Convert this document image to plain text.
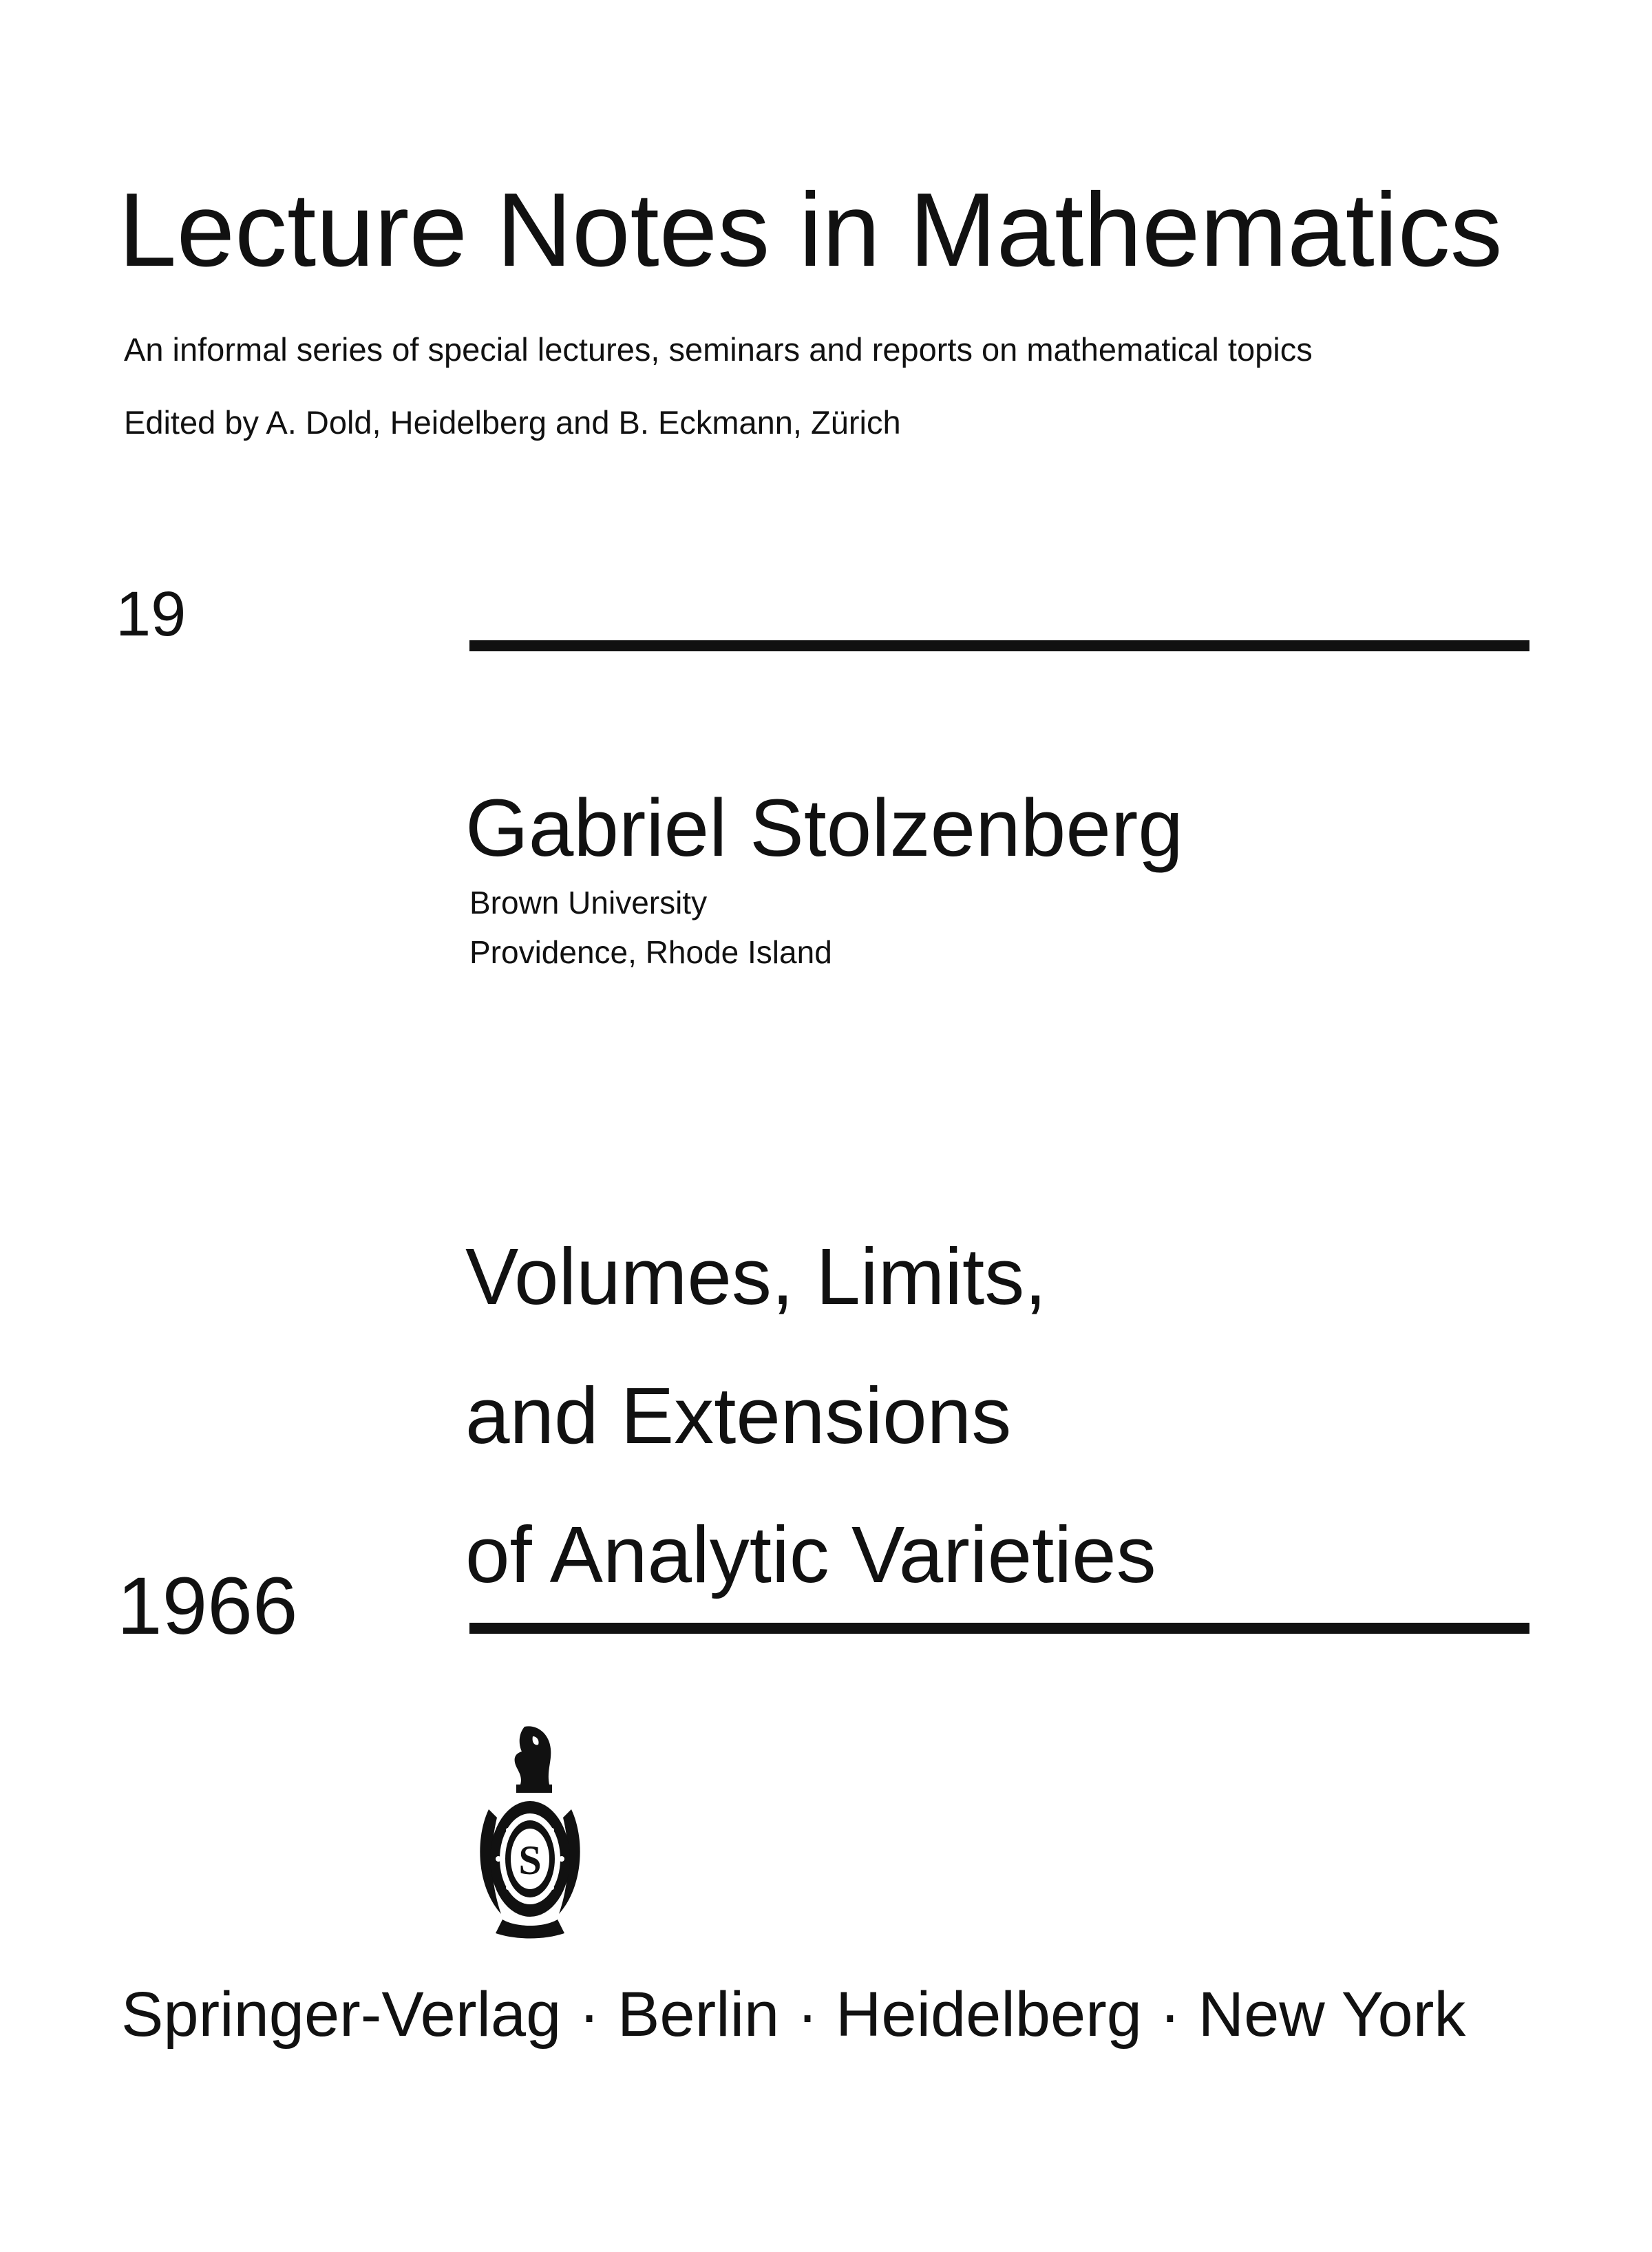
Lecture Notes in Mathematics
An informal series of special lectures, seminars and reports on mathematical topics
Edited by A. Dold, Heidelberg and B. Eckmann, Zürich
19
Gabriel Stolzenberg
Brown University
Providence, Rhode Island
Volumes, Limits,
and Extensions
of Analytic Varieties
1966
S
Springer-Verlag · Berlin · Heidelberg · New York
